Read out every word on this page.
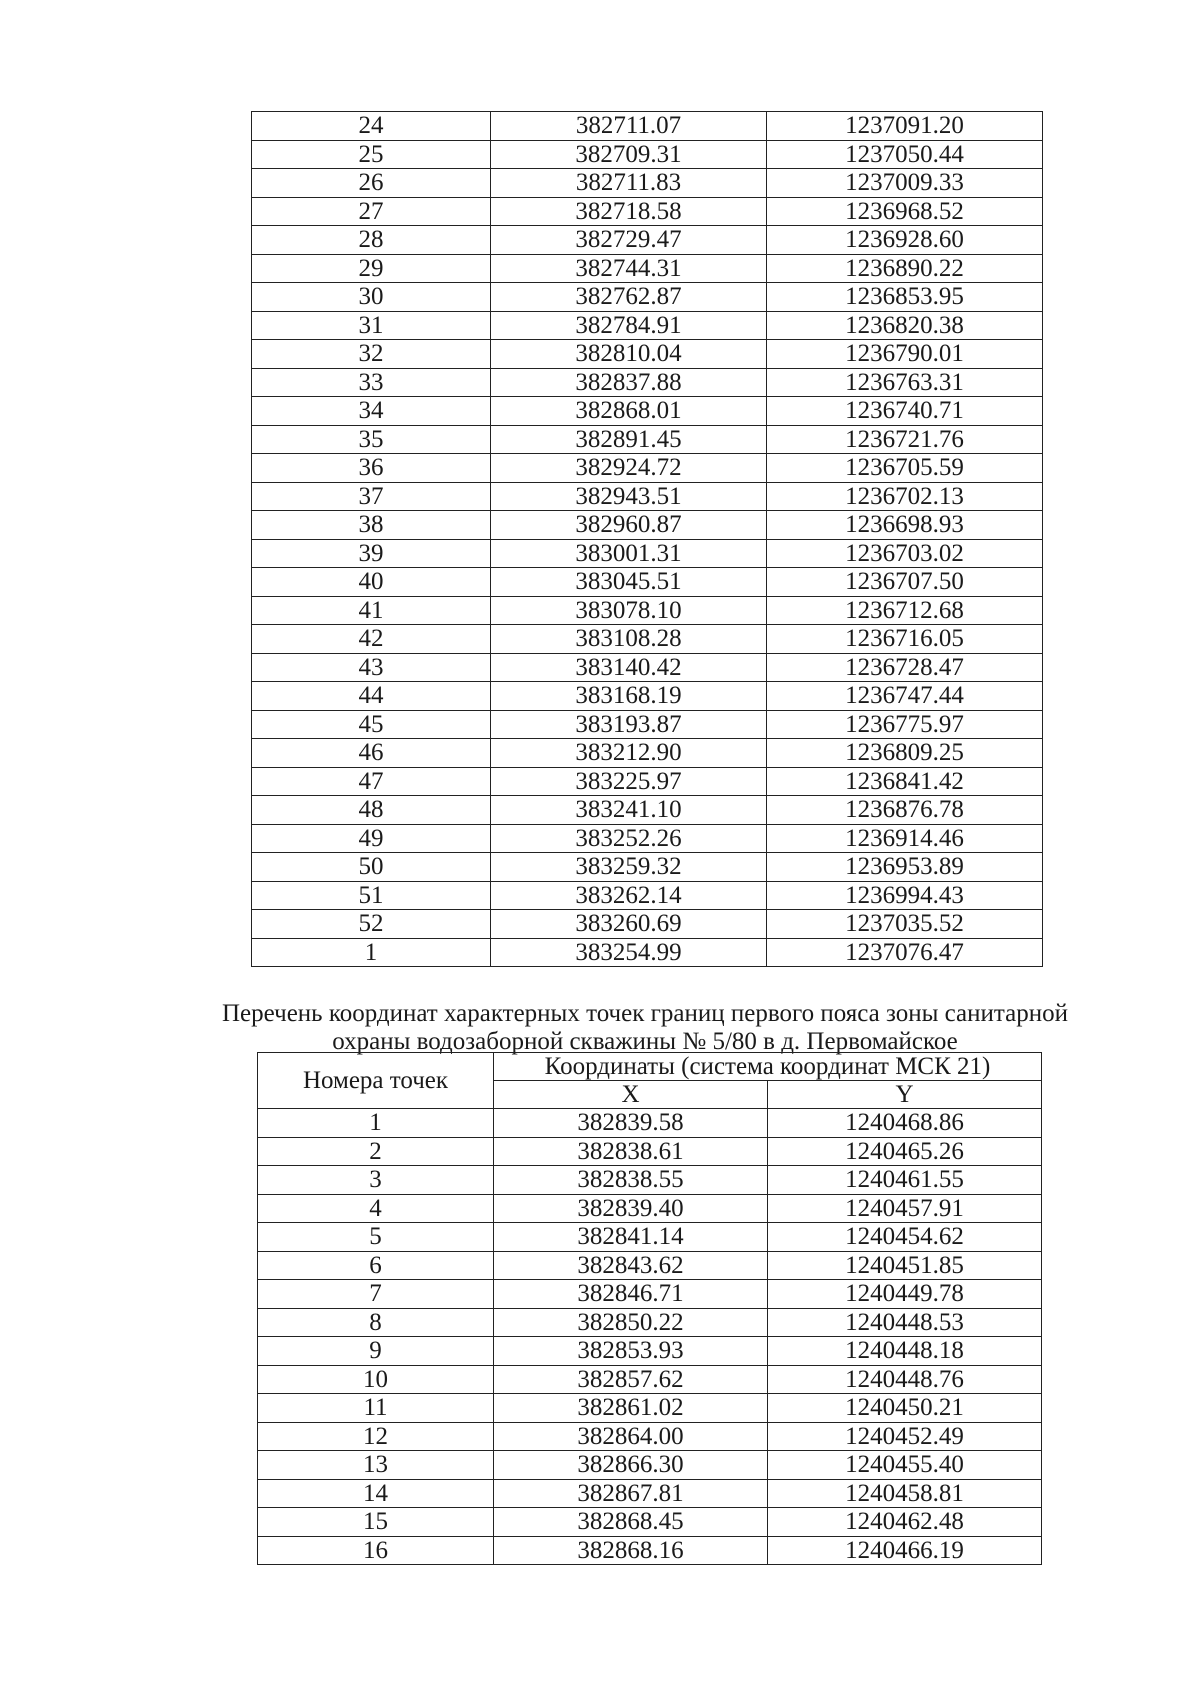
24	382711.07	1237091.20
25	382709.31	1237050.44
26	382711.83	1237009.33
27	382718.58	1236968.52
28	382729.47	1236928.60
29	382744.31	1236890.22
30	382762.87	1236853.95
31	382784.91	1236820.38
32	382810.04	1236790.01
33	382837.88	1236763.31
34	382868.01	1236740.71
35	382891.45	1236721.76
36	382924.72	1236705.59
37	382943.51	1236702.13
38	382960.87	1236698.93
39	383001.31	1236703.02
40	383045.51	1236707.50
41	383078.10	1236712.68
42	383108.28	1236716.05
43	383140.42	1236728.47
44	383168.19	1236747.44
45	383193.87	1236775.97
46	383212.90	1236809.25
47	383225.97	1236841.42
48	383241.10	1236876.78
49	383252.26	1236914.46
50	383259.32	1236953.89
51	383262.14	1236994.43
52	383260.69	1237035.52
1	383254.99	1237076.47
Перечень координат характерных точек границ первого пояса зоны санитарной
охраны водозаборной скважины № 5/80 в д. Первомайское
Номера точек	Координаты (система координат МСК 21)	
	X	Y
1	382839.58	1240468.86
2	382838.61	1240465.26
3	382838.55	1240461.55
4	382839.40	1240457.91
5	382841.14	1240454.62
6	382843.62	1240451.85
7	382846.71	1240449.78
8	382850.22	1240448.53
9	382853.93	1240448.18
10	382857.62	1240448.76
11	382861.02	1240450.21
12	382864.00	1240452.49
13	382866.30	1240455.40
14	382867.81	1240458.81
15	382868.45	1240462.48
16	382868.16	1240466.19
